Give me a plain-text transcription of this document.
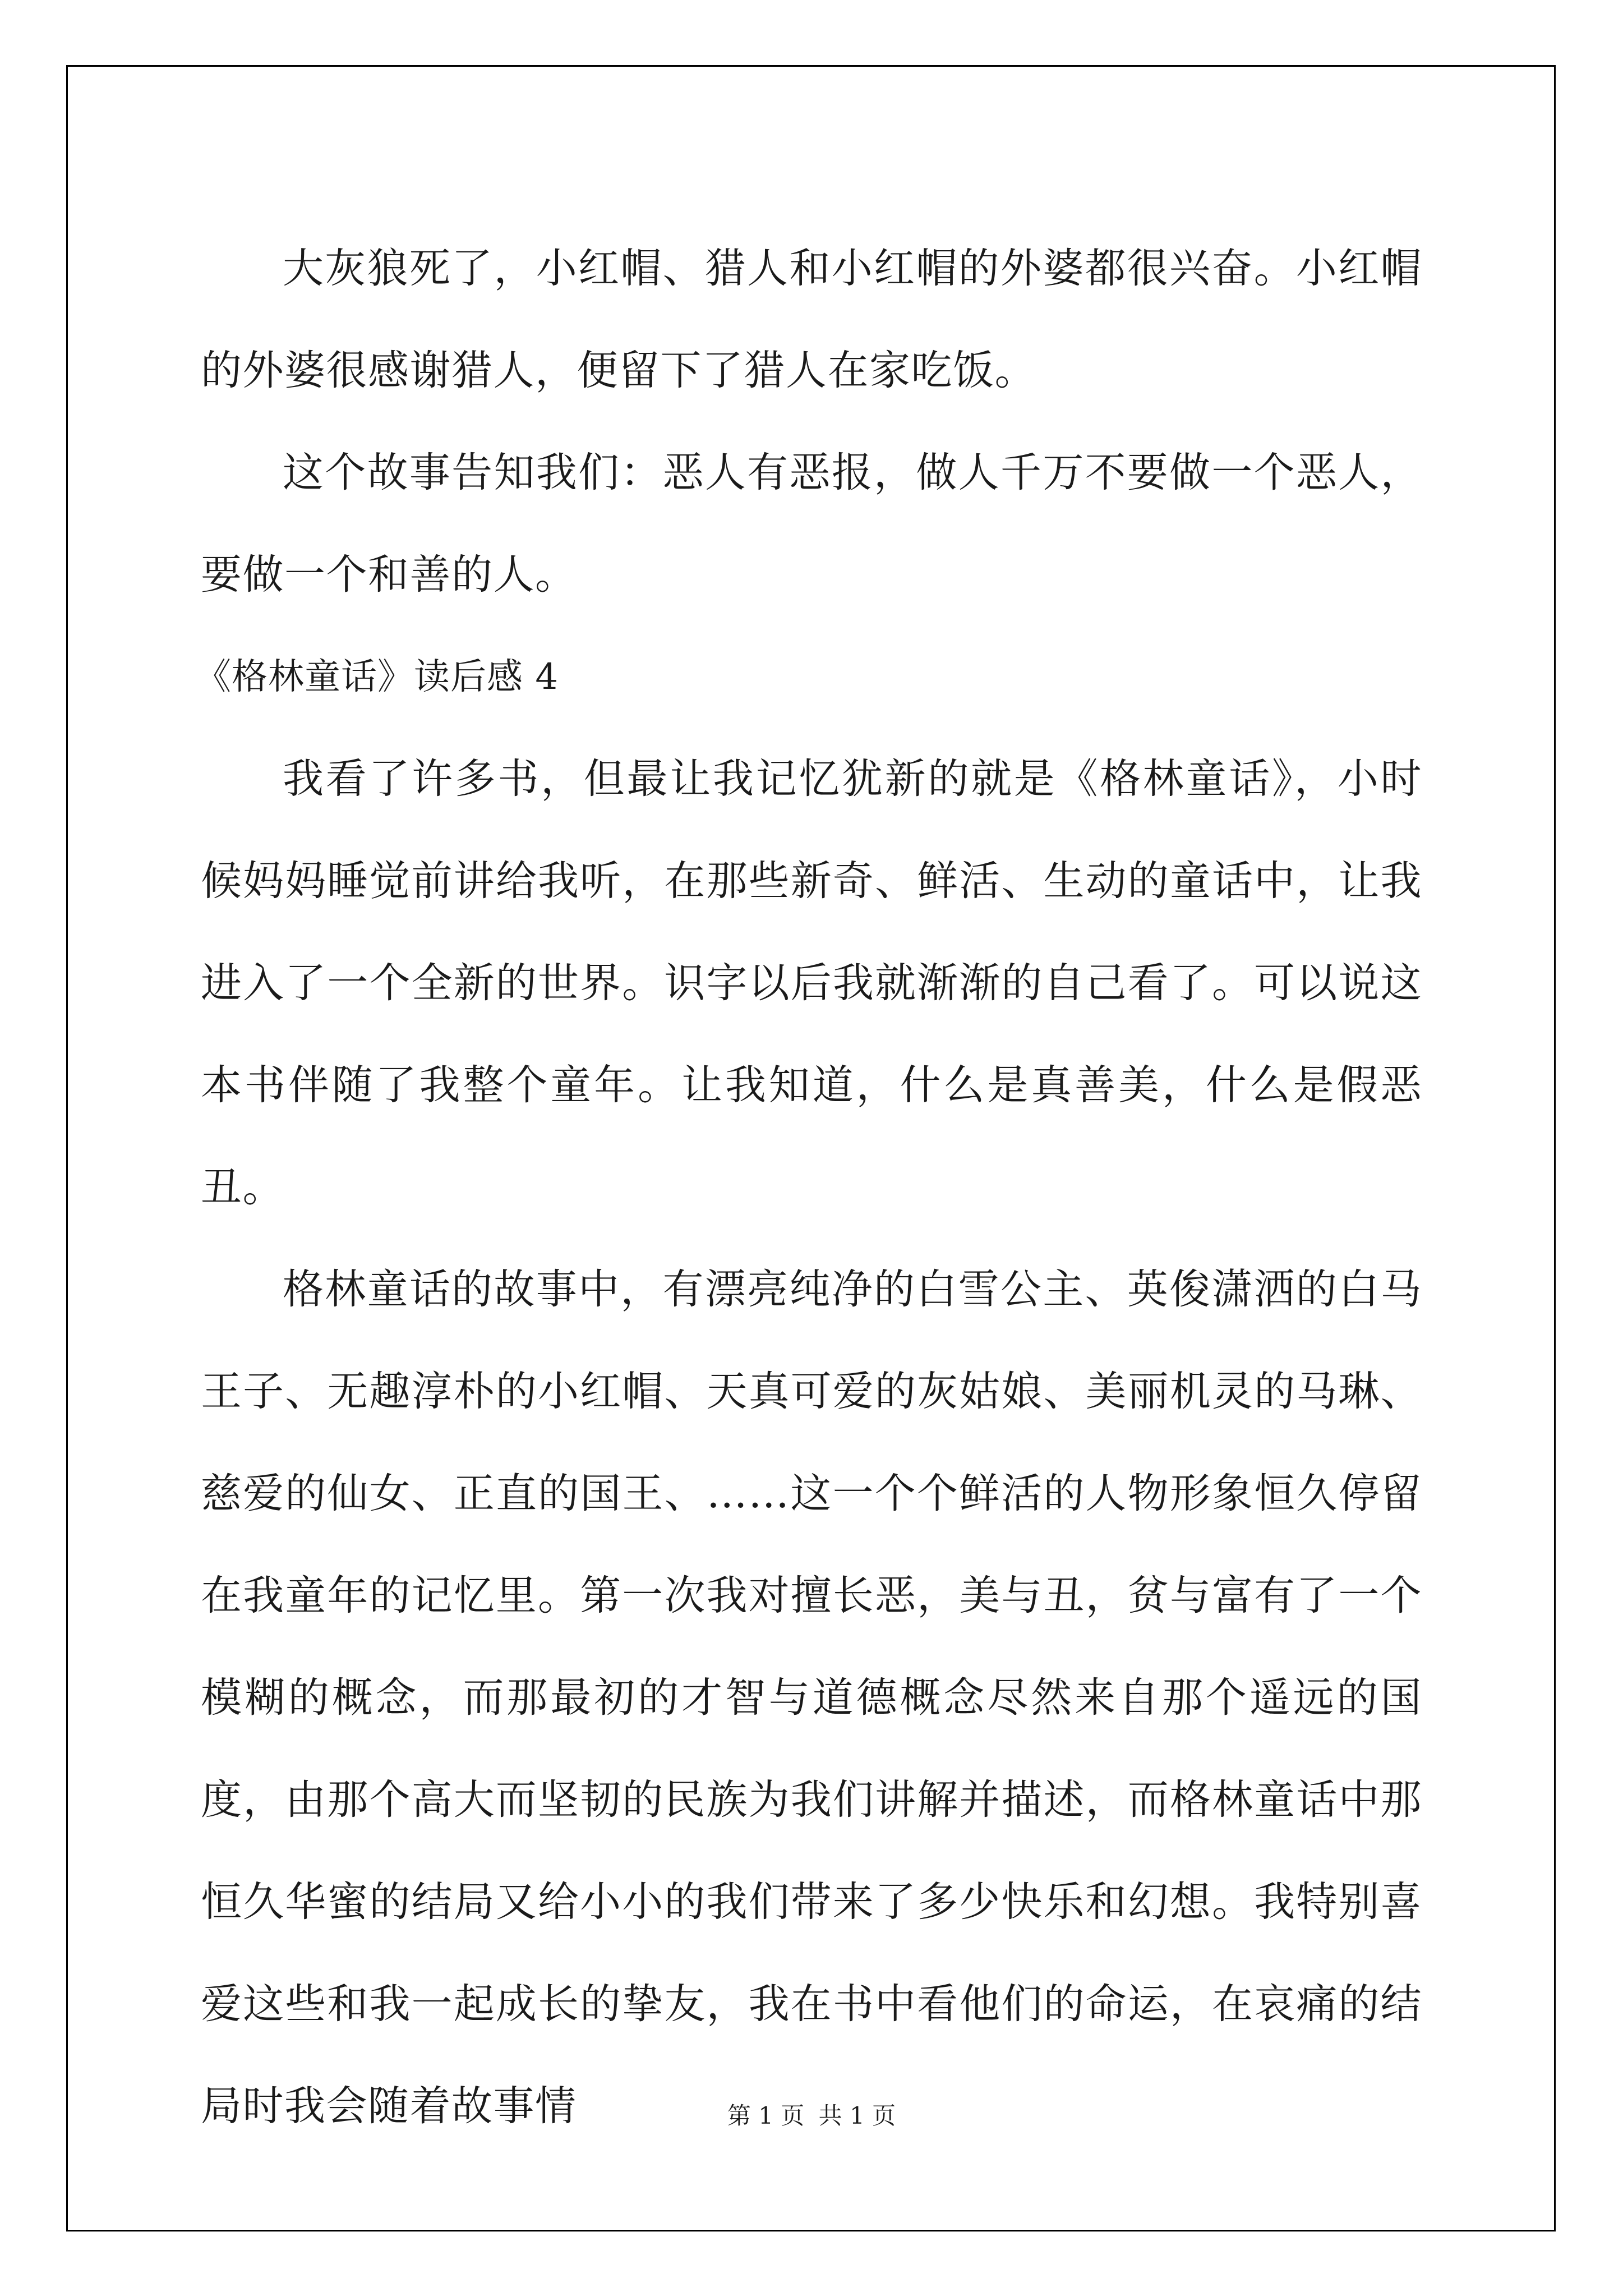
大灰狼死了，小红帽、猎人和小红帽的外婆都很兴奋。小红帽的外婆很感谢猎人，便留下了猎人在家吃饭。

这个故事告知我们：恶人有恶报，做人千万不要做一个恶人，要做一个和善的人。

《格林童话》读后感 4

我看了许多书，但最让我记忆犹新的就是《格林童话》，小时候妈妈睡觉前讲给我听，在那些新奇、鲜活、生动的童话中，让我进入了一个全新的世界。识字以后我就渐渐的自己看了。可以说这本书伴随了我整个童年。让我知道，什么是真善美，什么是假恶丑。

格林童话的故事中，有漂亮纯净的白雪公主、英俊潇洒的白马王子、无趣淳朴的小红帽、天真可爱的灰姑娘、美丽机灵的马琳、慈爱的仙女、正直的国王、……这一个个鲜活的人物形象恒久停留在我童年的记忆里。第一次我对擅长恶，美与丑，贫与富有了一个模糊的概念，而那最初的才智与道德概念尽然来自那个遥远的国度，由那个高大而坚韧的民族为我们讲解并描述，而格林童话中那恒久华蜜的结局又给小小的我们带来了多少快乐和幻想。我特别喜爱这些和我一起成长的挚友，我在书中看他们的命运，在哀痛的结局时我会随着故事情	第 1 页 共 1 页
